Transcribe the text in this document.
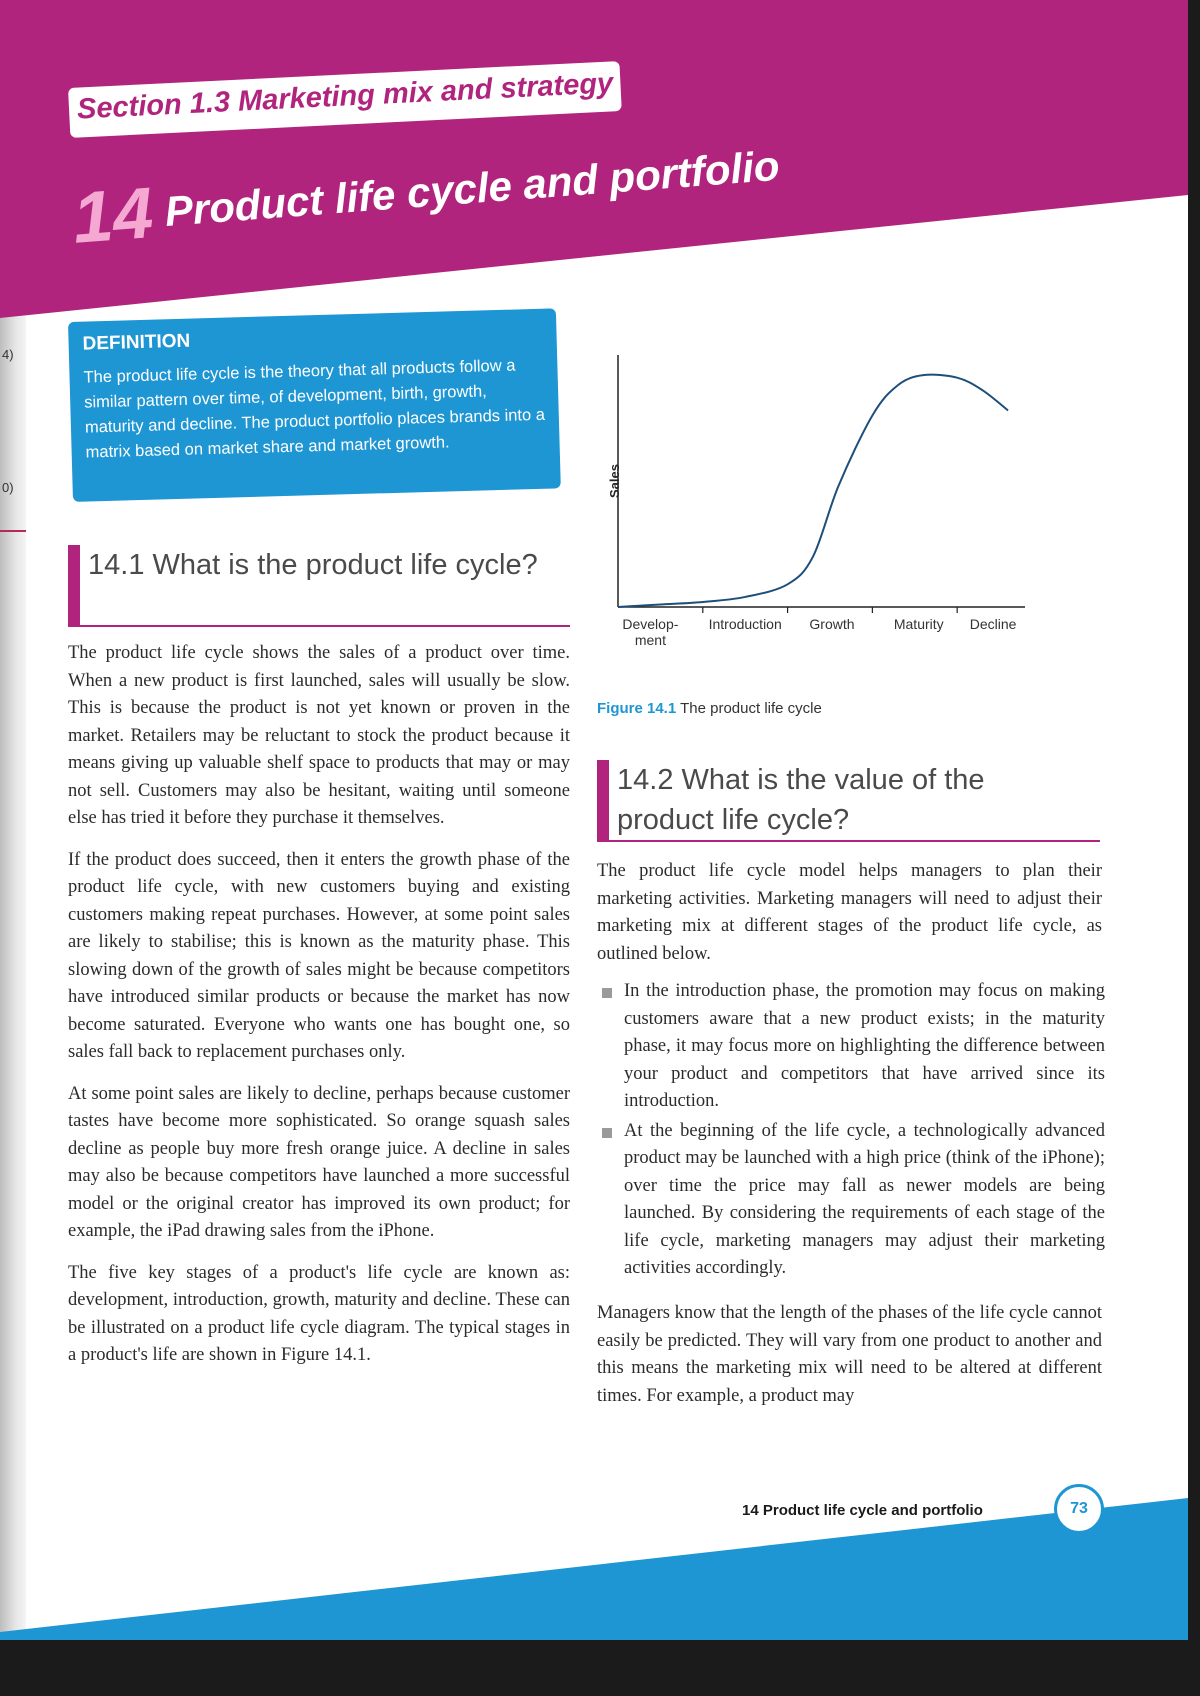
4)
0)
Section 1.3 Marketing mix and strategy
14 Product life cycle and portfolio
DEFINITION
The product life cycle is the theory that all products follow a similar pattern over time, of development, birth, growth, maturity and decline. The product portfolio places brands into a matrix based on market share and market growth.
14.1 What is the product life cycle?

The product life cycle shows the sales of a product over time. When a new product is first launched, sales will usually be slow. This is because the product is not yet known or proven in the market. Retailers may be reluctant to stock the product because it means giving up valuable shelf space to products that may or may not sell. Customers may also be hesitant, waiting until someone else has tried it before they purchase it themselves.

If the product does succeed, then it enters the growth phase of the product life cycle, with new customers buying and existing customers making repeat purchases. However, at some point sales are likely to stabilise; this is known as the maturity phase. This slowing down of the growth of sales might be because competitors have introduced similar products or because the market has now become saturated. Everyone who wants one has bought one, so sales fall back to replacement purchases only.

At some point sales are likely to decline, perhaps because customer tastes have become more sophisticated. So orange squash sales decline as people buy more fresh orange juice. A decline in sales may also be because competitors have launched a more successful model or the original creator has improved its own product; for example, the iPad drawing sales from the iPhone.

The five key stages of a product's life cycle are known as: development, introduction, growth, maturity and decline. These can be illustrated on a product life cycle diagram. The typical stages in a product's life are shown in Figure 14.1.

Sales
Develop-
ment
Introduction Growth	Maturity Decline
Figure 14.1 The product life cycle
14.2 What is the value of the product life cycle?

The product life cycle model helps managers to plan their marketing activities. Marketing managers will need to adjust their marketing mix at different stages of the product life cycle, as outlined below.

In the introduction phase, the promotion may focus on making customers aware that a new product exists; in the maturity phase, it may focus more on highlighting the difference between your product and competitors that have arrived since its introduction.
At the beginning of the life cycle, a technologically advanced product may be launched with a high price (think of the iPhone); over time the price may fall as newer models are being launched. By considering the requirements of each stage of the life cycle, marketing managers may adjust their marketing activities accordingly.

Managers know that the length of the phases of the life cycle cannot easily be predicted. They will vary from one product to another and this means the marketing mix will need to be altered at different times. For example, a product may

14 Product life cycle and portfolio	73
